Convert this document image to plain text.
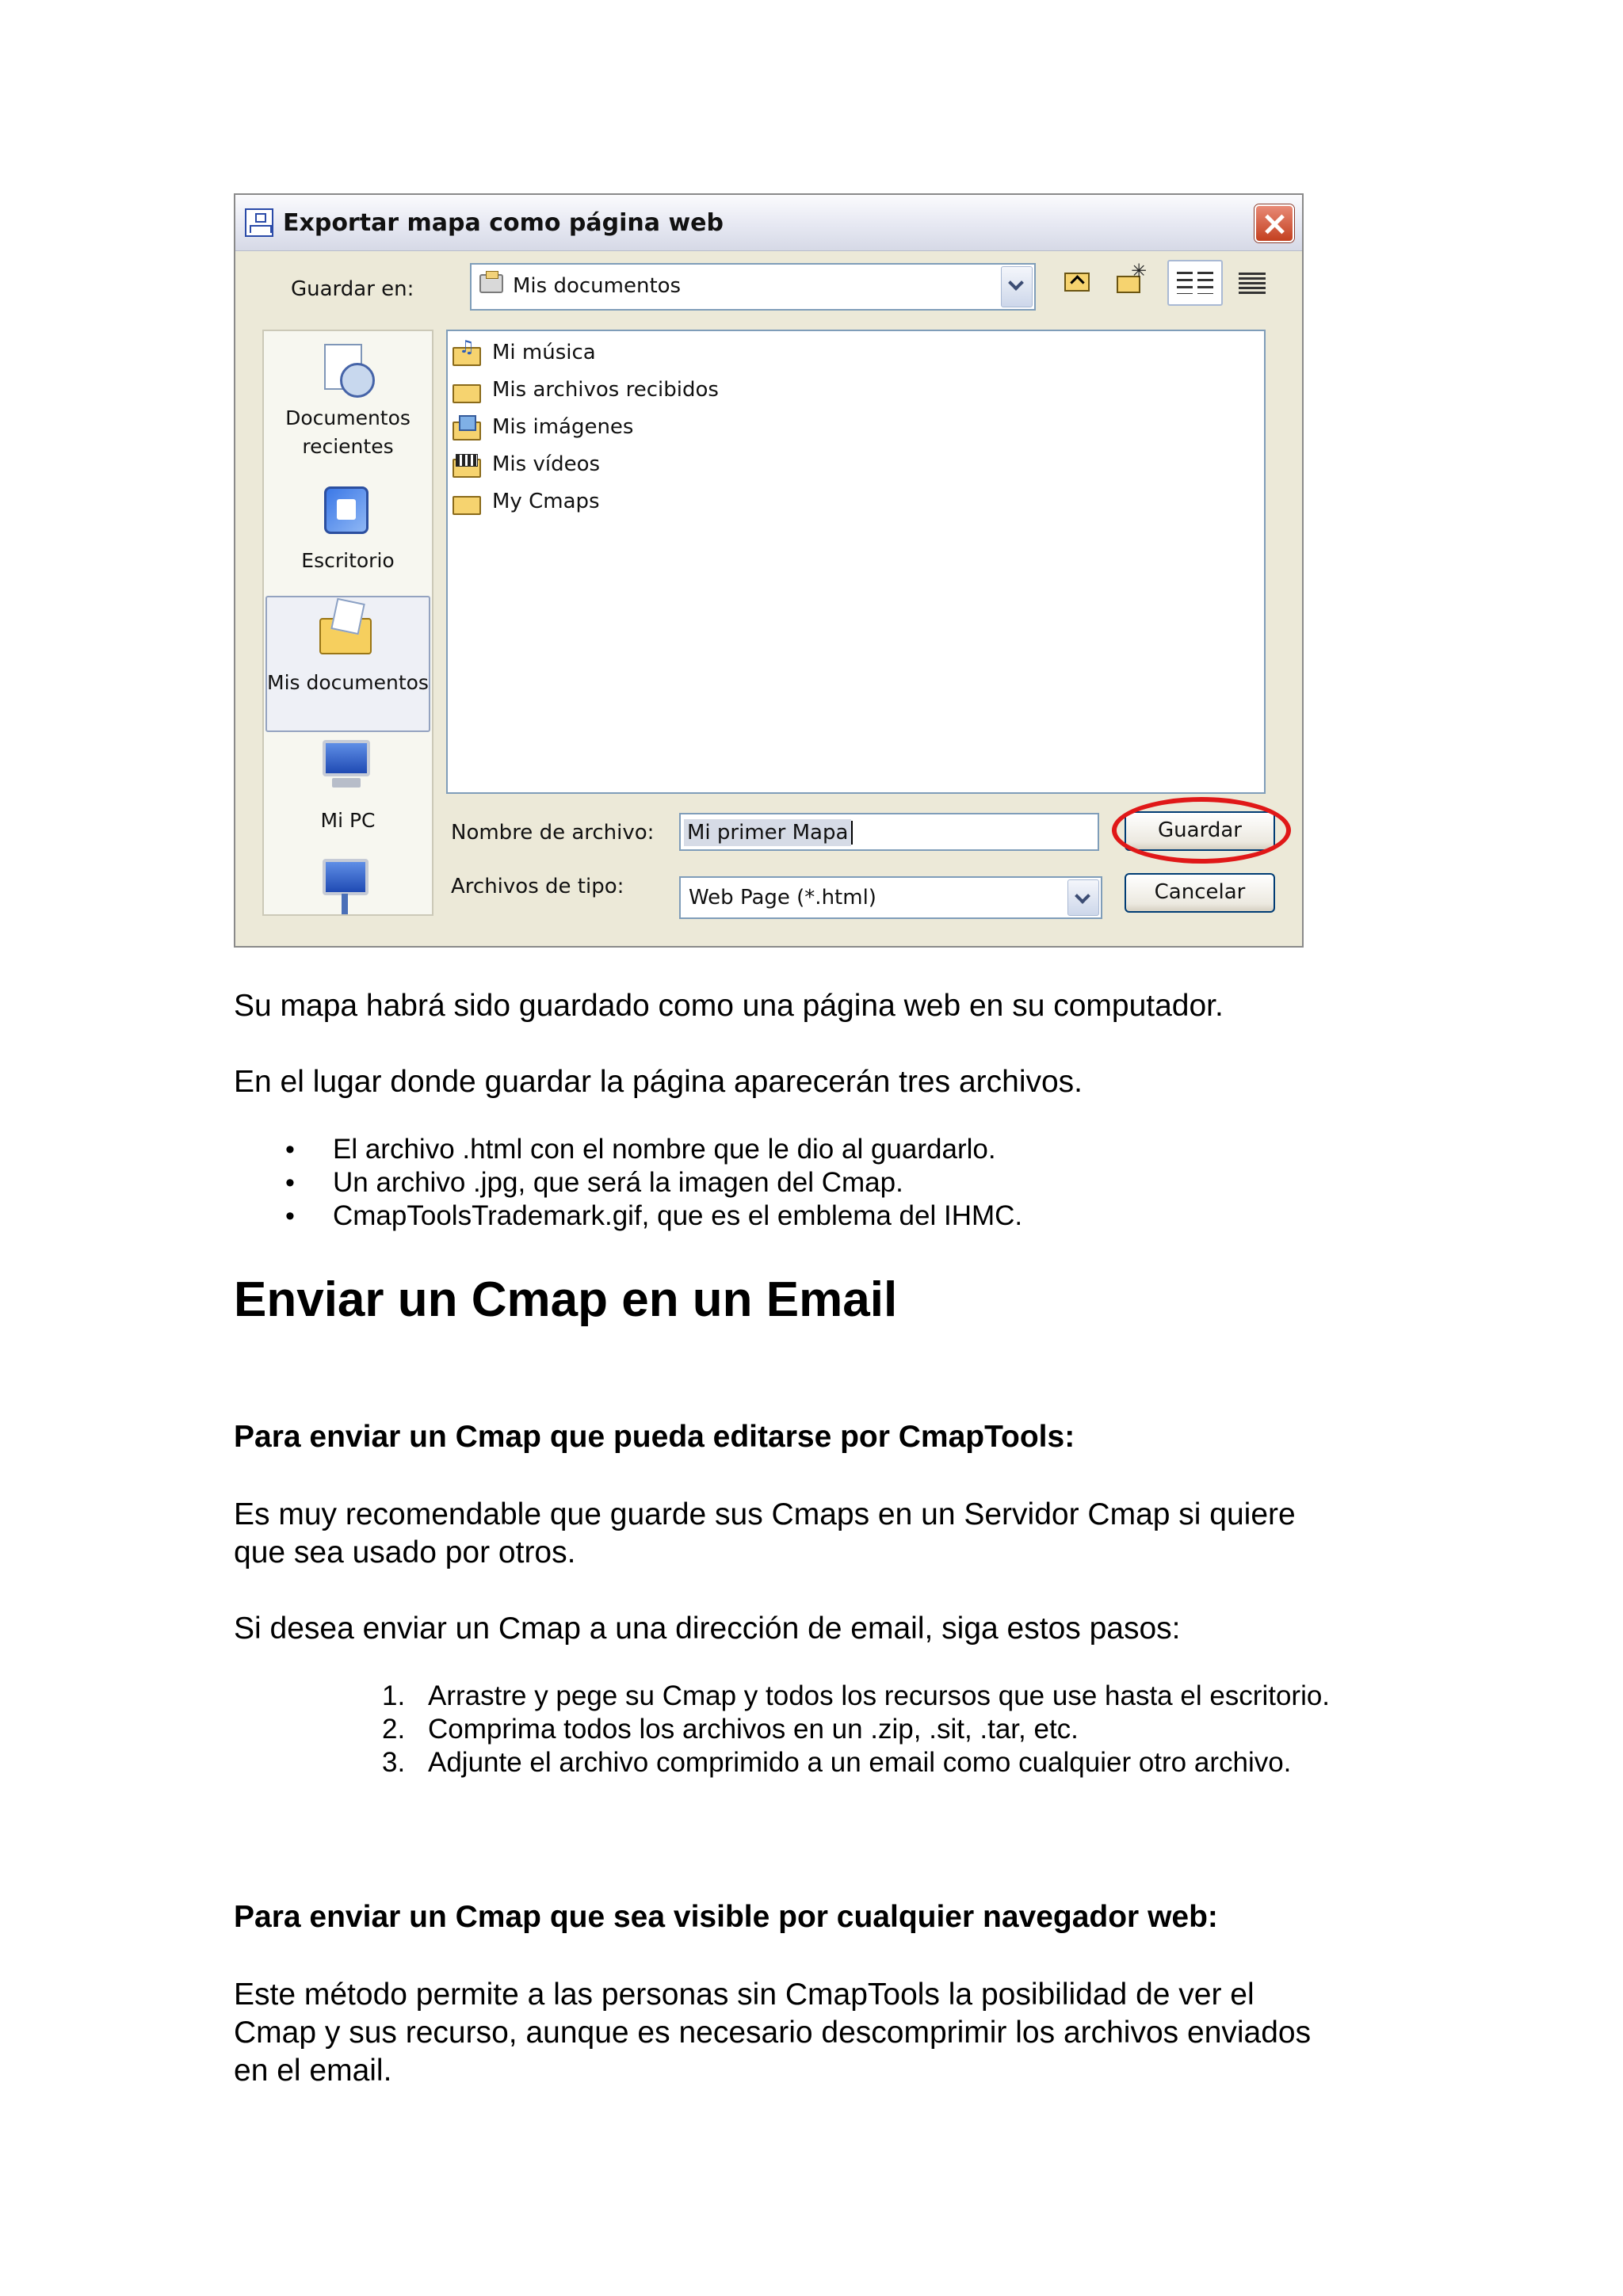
Exportar mapa como página web
Guardar en:	Mis documentos
✳
Documentos recientes
Escritorio
Mis documentos
Mi PC
♫
Mi música
Mis archivos recibidos
Mis imágenes
Mis vídeos
My Cmaps
Nombre de archivo: Mi primer Mapa
Archivos de tipo:	Web Page (*.html)
Guardar
Cancelar
Su mapa habrá sido guardado como una página web en su computador.
En el lugar donde guardar la página aparecerán tres archivos.
• El archivo .html con el nombre que le dio al guardarlo.
• Un archivo .jpg, que será la imagen del Cmap.
• CmapToolsTrademark.gif, que es el emblema del IHMC.
Enviar un Cmap en un Email
Para enviar un Cmap que pueda editarse por CmapTools:
Es muy recomendable que guarde sus Cmaps en un Servidor Cmap si quiere
que sea usado por otros.
Si desea enviar un Cmap a una dirección de email, siga estos pasos:
1. Arrastre y pege su Cmap y todos los recursos que use hasta el escritorio.
2. Comprima todos los archivos en un .zip, .sit, .tar, etc.
3. Adjunte el archivo comprimido a un email como cualquier otro archivo.
Para enviar un Cmap que sea visible por cualquier navegador web:
Este método permite a las personas sin CmapTools la posibilidad de ver el
Cmap y sus recurso, aunque es necesario descomprimir los archivos enviados
en el email.
